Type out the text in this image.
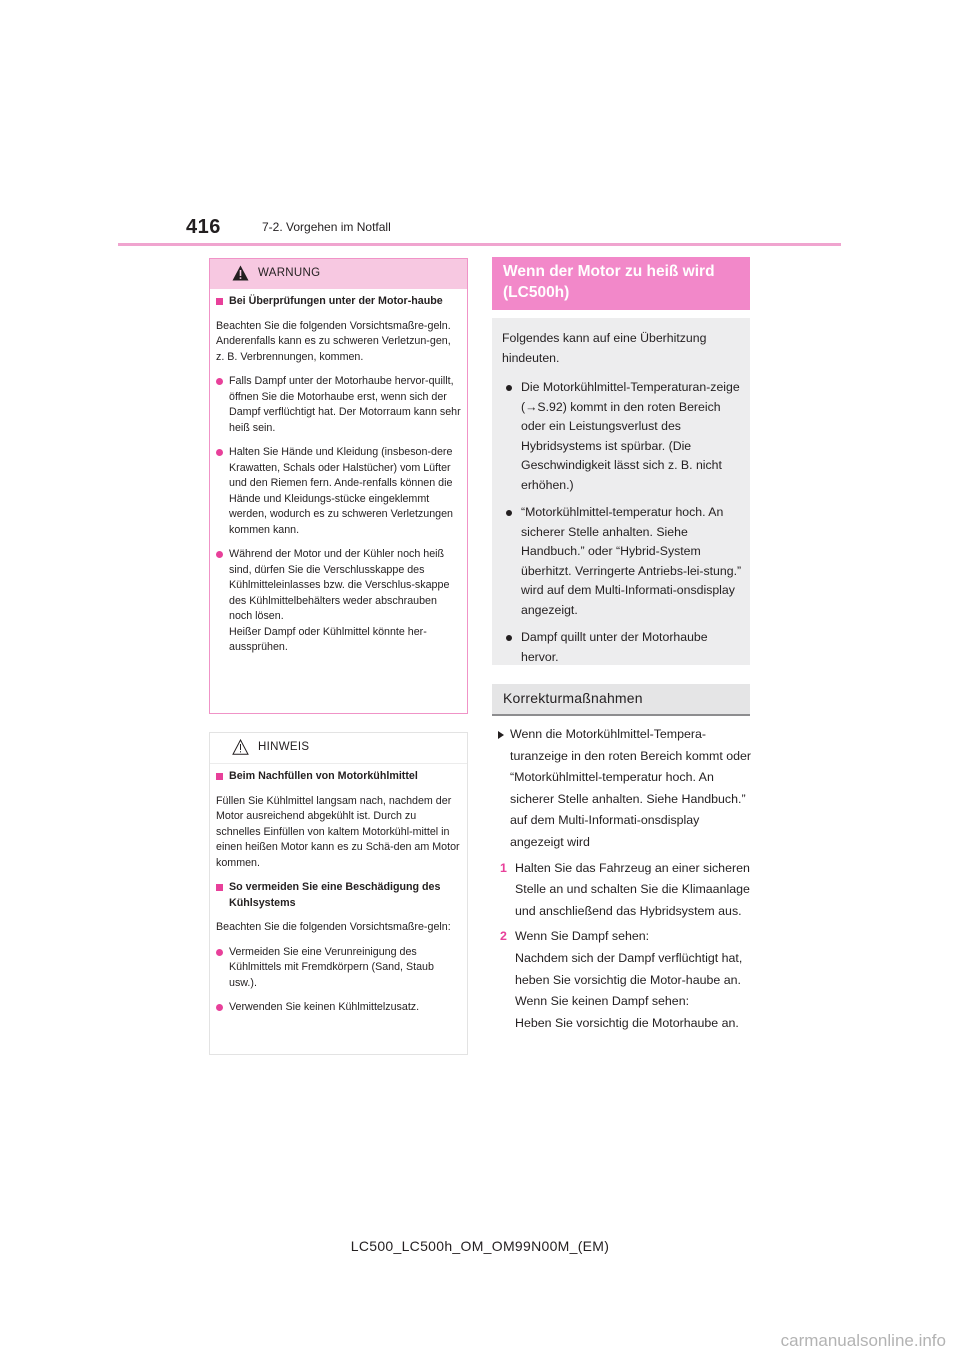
416	7-2. Vorgehen im Notfall
WARNUNG
Bei Überprüfungen unter der Motor-haube

Beachten Sie die folgenden Vorsichtsmaßre-geln.

Anderenfalls kann es zu schweren Verletzun-gen, z. B. Verbrennungen, kommen.

Falls Dampf unter der Motorhaube hervor-quillt, öffnen Sie die Motorhaube erst, wenn sich der Dampf verflüchtigt hat. Der Motorraum kann sehr heiß sein.
Halten Sie Hände und Kleidung (insbeson-dere Krawatten, Schals oder Halstücher) vom Lüfter und den Riemen fern. Ande-renfalls können die Hände und Kleidungs-stücke eingeklemmt werden, wodurch es zu schweren Verletzungen kommen kann.
Während der Motor und der Kühler noch heiß sind, dürfen Sie die Verschlusskappe des Kühlmitteleinlasses bzw. die Verschlus-skappe des Kühlmittelbehälters weder abschrauben noch lösen.
Heißer Dampf oder Kühlmittel könnte her-aussprühen.
HINWEIS
Beim Nachfüllen von Motorkühlmittel

Füllen Sie Kühlmittel langsam nach, nachdem der Motor ausreichend abgekühlt ist. Durch zu schnelles Einfüllen von kaltem Motorkühl-mittel in einen heißen Motor kann es zu Schä-den am Motor kommen.

So vermeiden Sie eine Beschädigung des Kühlsystems

Beachten Sie die folgenden Vorsichtsmaßre-geln:

Vermeiden Sie eine Verunreinigung des Kühlmittels mit Fremdkörpern (Sand, Staub usw.).
Verwenden Sie keinen Kühlmittelzusatz.
Wenn der Motor zu heiß wird (LC500h)

Folgendes kann auf eine Überhitzung hindeuten.

Die Motorkühlmittel-Temperaturan-zeige (→S.92) kommt in den roten Bereich oder ein Leistungsverlust des Hybridsystems ist spürbar. (Die Geschwindigkeit lässt sich z. B. nicht erhöhen.)
“Motorkühlmittel-temperatur hoch. An sicherer Stelle anhalten. Siehe Handbuch.” oder “Hybrid-System überhitzt. Verringerte Antriebs-lei-stung.” wird auf dem Multi-Informati-onsdisplay angezeigt.
Dampf quillt unter der Motorhaube hervor.
Korrekturmaßnahmen
Wenn die Motorkühlmittel-Tempera-turanzeige in den roten Bereich kommt oder “Motorkühlmittel-temperatur hoch. An sicherer Stelle anhalten. Siehe Handbuch.” auf dem Multi-Informati-onsdisplay angezeigt wird
1 Halten Sie das Fahrzeug an einer sicheren Stelle an und schalten Sie die Klimaanlage und anschließend das Hybridsystem aus.
2 Wenn Sie Dampf sehen:
Nachdem sich der Dampf verflüchtigt hat, heben Sie vorsichtig die Motor-haube an.
Wenn Sie keinen Dampf sehen:
Heben Sie vorsichtig die Motorhaube an.
LC500_LC500h_OM_OM99N00M_(EM)
carmanualsonline.info
